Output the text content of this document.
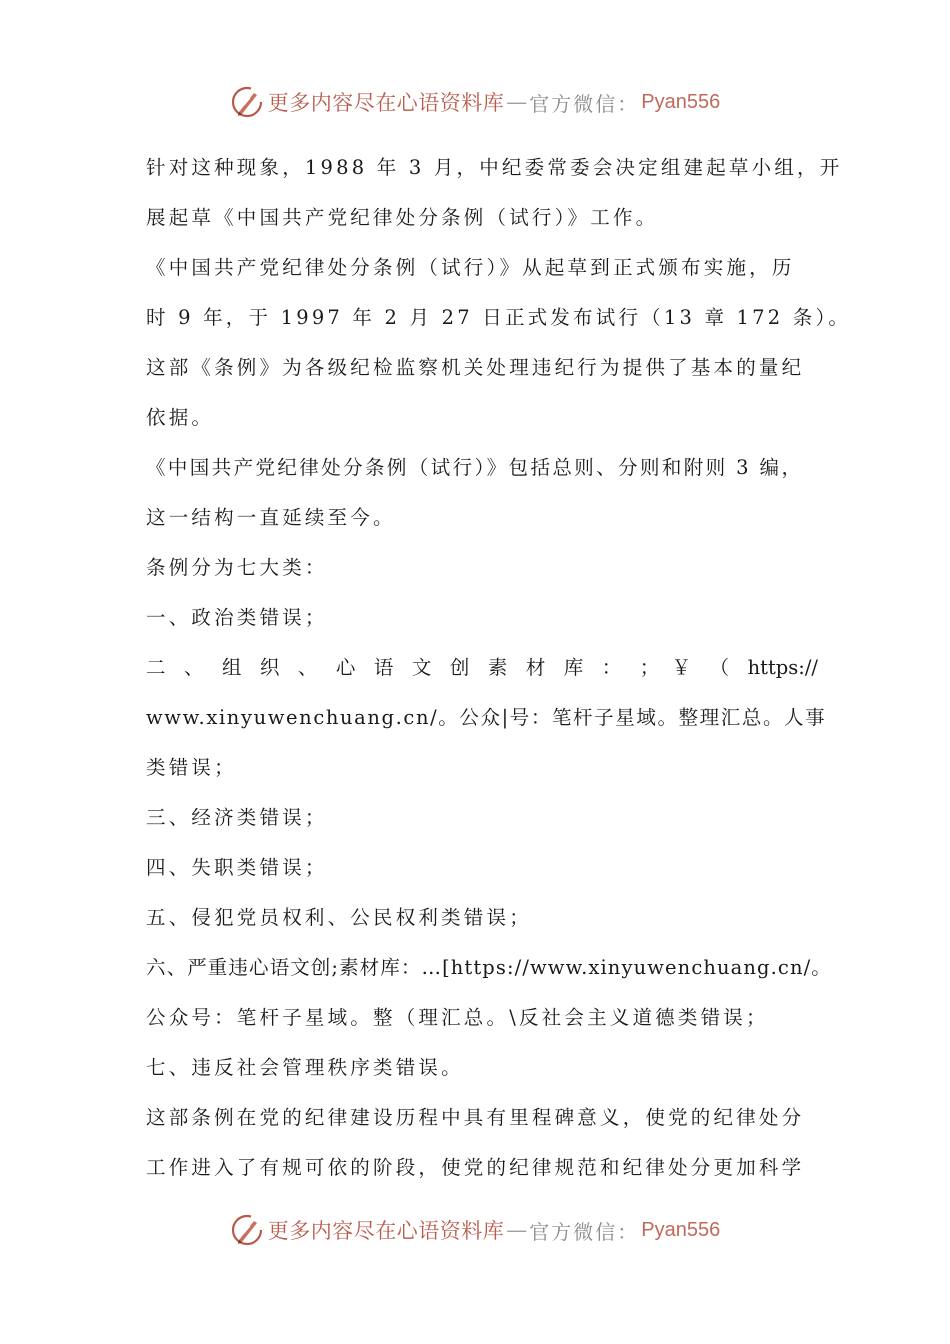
更多内容尽在心语资料库 — 官方微信： Pyan556
针对这种现象，1988 年 3 月，中纪委常委会决定组建起草小组，开
展起草《中国共产党纪律处分条例（试行）》工作。
《中国共产党纪律处分条例（试行）》从起草到正式颁布实施，历
时 9 年，于 1997 年 2 月 27 日正式发布试行（13 章 172 条）。
这部《条例》为各级纪检监察机关处理违纪行为提供了基本的量纪
依据。
《中国共产党纪律处分条例（试行）》包括总则、分则和附则 3 编，
这一结构一直延续至今。
条例分为七大类：
一、政治类错误；
二 、 组 织 、 心 语 文 创 素 材 库 ： ； ￥ （ https://
www.xinyuwenchuang.cn/。公众|号：笔杆子星域。整理汇总。人事
类错误；
三、经济类错误；
四、失职类错误；
五、侵犯党员权利、公民权利类错误；
六、严重违心语文创;素材库：…[https://www.xinyuwenchuang.cn/。
公众号：笔杆子星域。整（理汇总。\反社会主义道德类错误；
七、违反社会管理秩序类错误。
这部条例在党的纪律建设历程中具有里程碑意义，使党的纪律处分
工作进入了有规可依的阶段，使党的纪律规范和纪律处分更加科学
更多内容尽在心语资料库 — 官方微信： Pyan556
